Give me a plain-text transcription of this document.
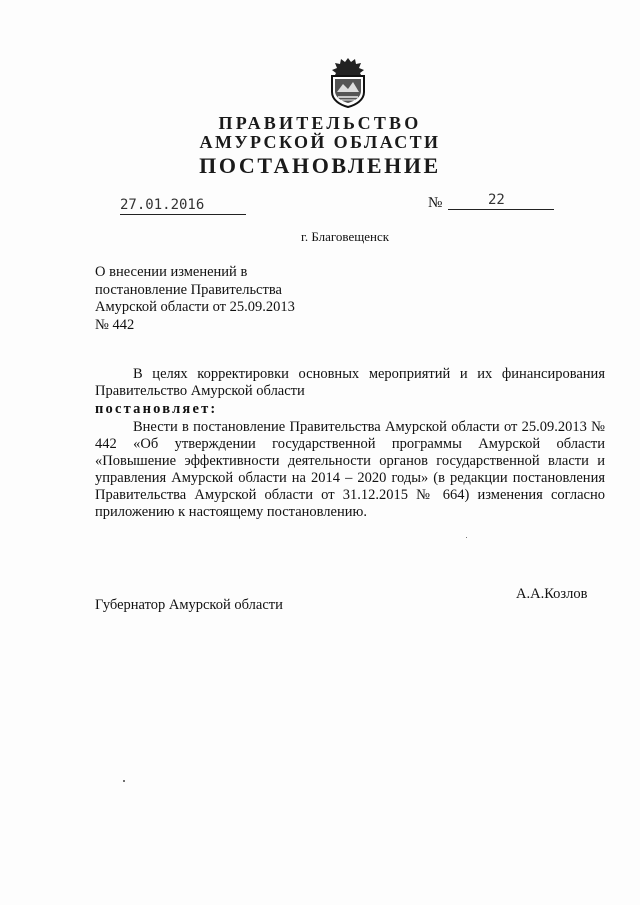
ПРАВИТЕЛЬСТВО
АМУРСКОЙ ОБЛАСТИ
ПОСТАНОВЛЕНИЕ
27.01.2016	№	22
г. Благовещенск
О внесении изменений в
постановление Правительства
Амурской области от 25.09.2013
№ 442
В целях корректировки основных мероприятий и их финансирования
Правительство Амурской области
постановляет:
Внести в постановление Правительства Амурской области от 25.09.2013 № 442 «Об утверждении государственной программы Амурской области «Повышение эффективности деятельности органов государственной власти и управления Амурской области на 2014 – 2020 годы» (в редакции постановления Правительства Амурской области от 31.12.2015 № 664) изменения согласно приложению к настоящему постановлению.
Губернатор Амурской области
А.А.Козлов
